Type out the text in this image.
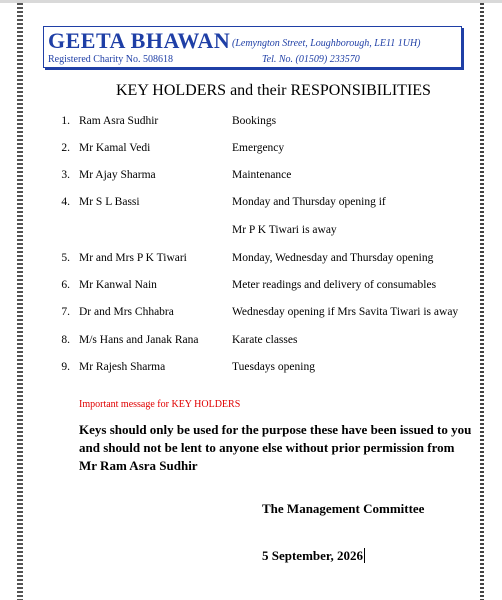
GEETA BHAWAN (Lemyngton Street, Loughborough, LE11 1UH)
Registered Charity No. 508618	Tel. No. (01509) 233570
KEY HOLDERS and their RESPONSIBILITIES
1. Ram Asra Sudhir	Bookings
2. Mr Kamal Vedi	Emergency
3. Mr Ajay Sharma	Maintenance
4. Mr S L Bassi	Monday and Thursday opening if
Mr P K Tiwari is away
5. Mr and Mrs P K Tiwari	Monday, Wednesday and Thursday opening
6. Mr Kanwal Nain	Meter readings and delivery of consumables
7. Dr and Mrs Chhabra	Wednesday opening if Mrs Savita Tiwari is away
8. M/s Hans and Janak Rana	Karate classes
9. Mr Rajesh Sharma	Tuesdays opening
Important message for KEY HOLDERS
Keys should only be used for the purpose these have been issued to you and should not be lent to anyone else without prior permission from Mr Ram Asra Sudhir
The Management Committee
5 September, 2026
